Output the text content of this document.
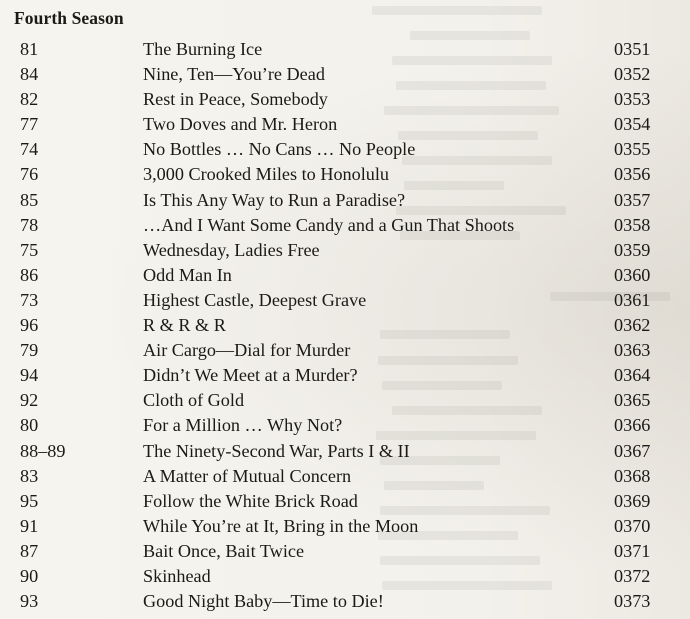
Fourth Season
81	The Burning Ice	0351
84	Nine, Ten—You’re Dead	0352
82	Rest in Peace, Somebody	0353
77	Two Doves and Mr. Heron	0354
74	No Bottles … No Cans … No People	0355
76	3,000 Crooked Miles to Honolulu	0356
85	Is This Any Way to Run a Paradise?	0357
78	…And I Want Some Candy and a Gun That Shoots	0358
75	Wednesday, Ladies Free	0359
86	Odd Man In	0360
73	Highest Castle, Deepest Grave	0361
96	R & R & R	0362
79	Air Cargo—Dial for Murder	0363
94	Didn’t We Meet at a Murder?	0364
92	Cloth of Gold	0365
80	For a Million … Why Not?	0366
88–89	The Ninety-Second War, Parts I & II	0367
83	A Matter of Mutual Concern	0368
95	Follow the White Brick Road	0369
91	While You’re at It, Bring in the Moon	0370
87	Bait Once, Bait Twice	0371
90	Skinhead	0372
93	Good Night Baby—Time to Die!	0373
